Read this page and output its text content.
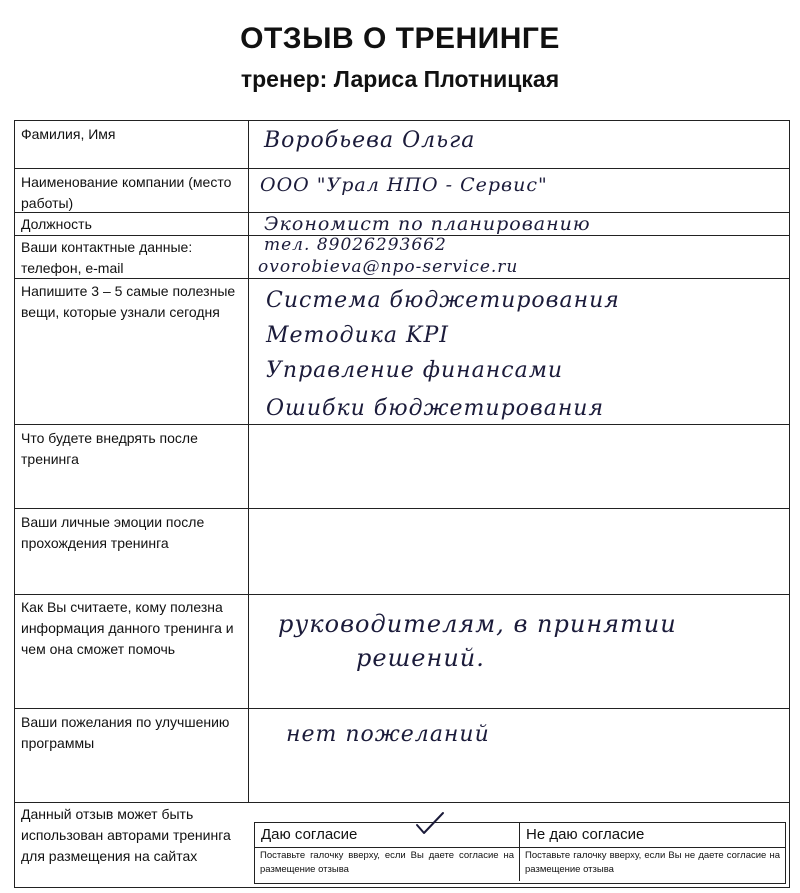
ОТЗЫВ О ТРЕНИНГЕ
тренер: Лариса Плотницкая
Фамилия, Имя
Наименование компании (место работы)
Должность
Ваши контактные данные: телефон, e-mail
Напишите 3 – 5 самые полезные вещи, которые узнали сегодня
Что будете внедрять после тренинга
Ваши личные эмоции после прохождения тренинга
Как Вы считаете, кому полезна информация данного тренинга и чем она сможет помочь
Ваши пожелания по улучшению программы
Данный отзыв может быть использован авторами тренинга для размещения на сайтах
Воробьева Ольга
ООО "Урал НПО - Сервис"
Экономист по планированию
тел. 89026293662
ovorobieva@npo-service.ru
Система бюджетирования
Методика KPI
Управление финансами
Ошибки бюджетирования
руководителям, в принятии
решений.
нет пожеланий
Даю согласие
Поставьте галочку вверху, если Вы даете согласие на размещение отзыва
Не даю согласие
Поставьте галочку вверху, если Вы не даете согласие на размещение отзыва
